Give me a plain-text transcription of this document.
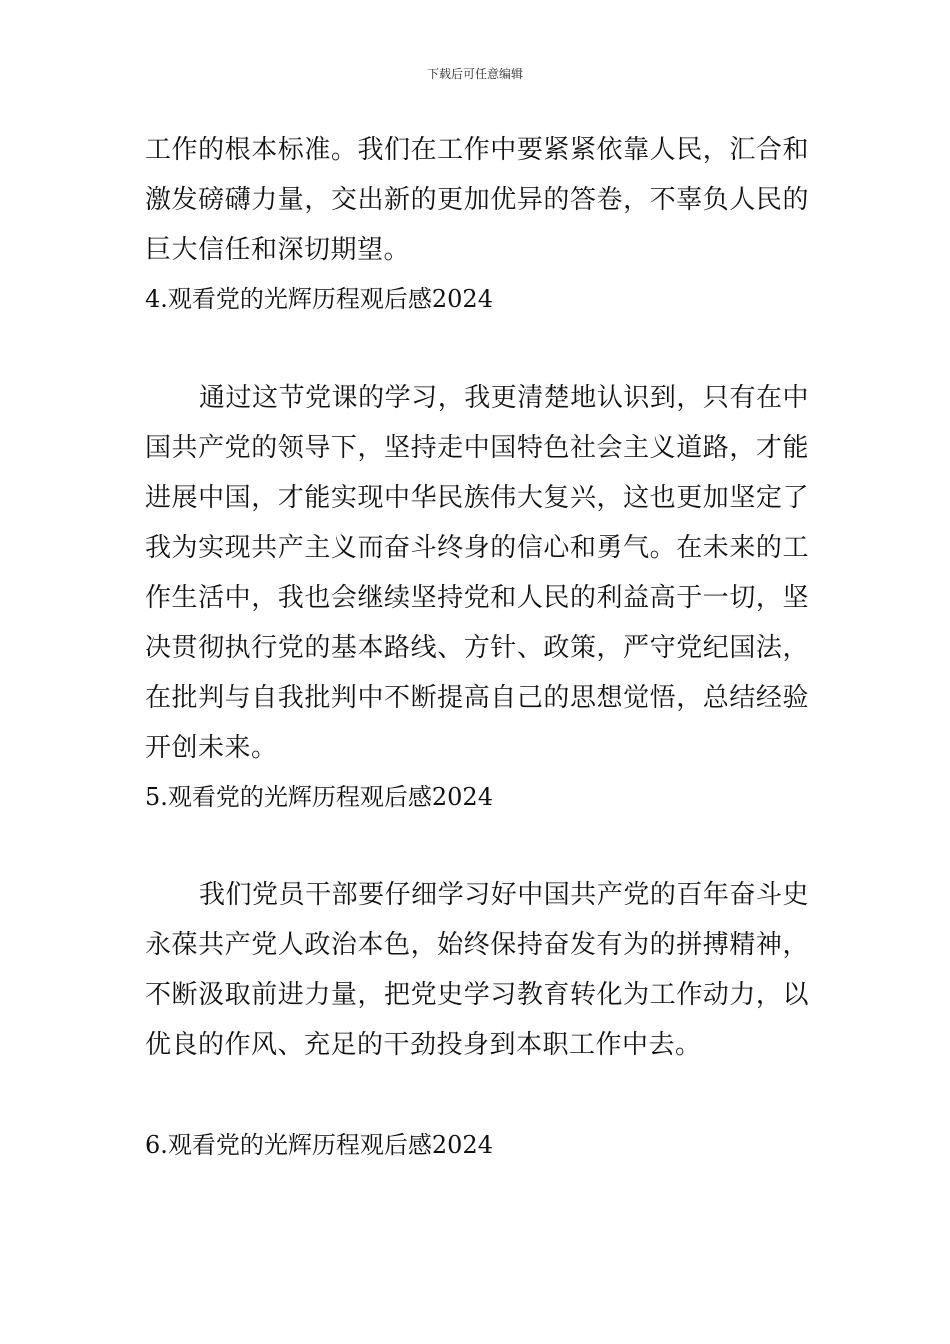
下载后可任意编辑

工作的根本标准。我们在工作中要紧紧依靠人民，汇合和激发磅礴力量，交出新的更加优异的答卷，不辜负人民的巨大信任和深切期望。

4.观看党的光辉历程观后感2024

通过这节党课的学习，我更清楚地认识到，只有在中国共产党的领导下，坚持走中国特色社会主义道路，才能进展中国，才能实现中华民族伟大复兴，这也更加坚定了我为实现共产主义而奋斗终身的信心和勇气。在未来的工作生活中，我也会继续坚持党和人民的利益高于一切，坚决贯彻执行党的基本路线、方针、政策，严守党纪国法，在批判与自我批判中不断提高自己的思想觉悟，总结经验开创未来。

5.观看党的光辉历程观后感2024

我们党员干部要仔细学习好中国共产党的百年奋斗史永葆共产党人政治本色，始终保持奋发有为的拼搏精神，不断汲取前进力量，把党史学习教育转化为工作动力，以优良的作风、充足的干劲投身到本职工作中去。

6.观看党的光辉历程观后感2024
